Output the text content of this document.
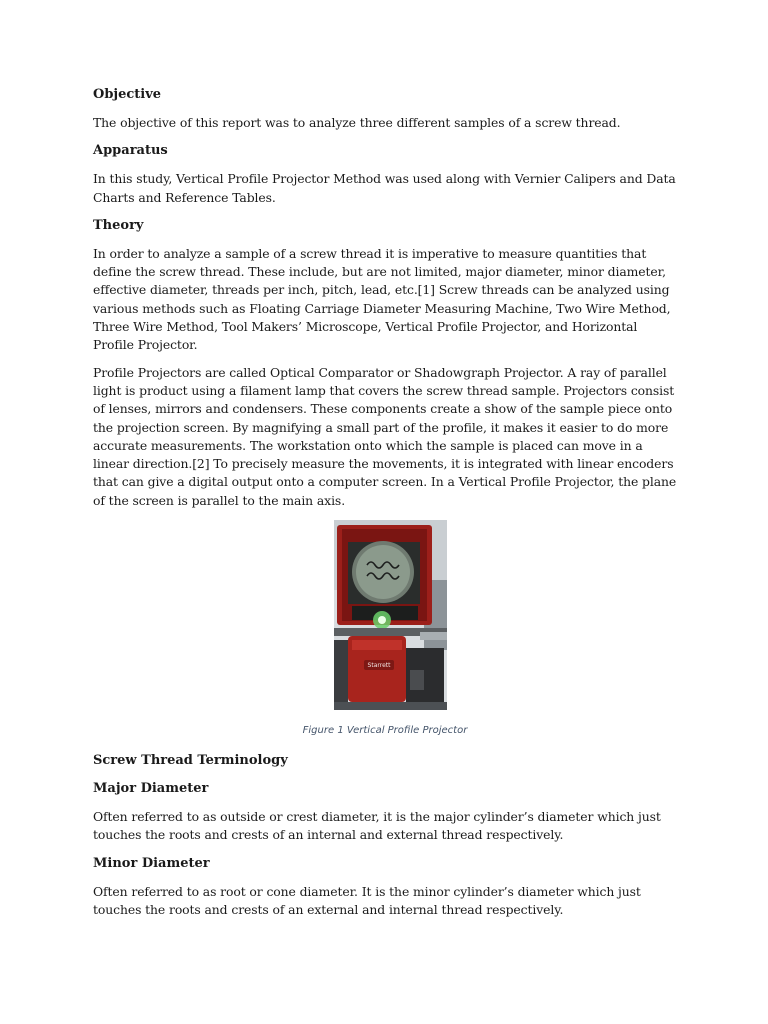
Objective

The objective of this report was to analyze three different samples of a screw thread.

Apparatus

In this study, Vertical Profile Projector Method was used along with Vernier Calipers and Data Charts and Reference Tables.

Theory

In order to analyze a sample of a screw thread it is imperative to measure quantities that define the screw thread. These include, but are not limited, major diameter, minor diameter, effective diameter, threads per inch, pitch, lead, etc.[1] Screw threads can be analyzed using various methods such as Floating Carriage Diameter Measuring Machine, Two Wire Method, Three Wire Method, Tool Makers’ Microscope, Vertical Profile Projector, and Horizontal Profile Projector.

Profile Projectors are called Optical Comparator or Shadowgraph Projector. A ray of parallel light is product using a filament lamp that covers the screw thread sample. Projectors consist of lenses, mirrors and condensers. These components create a show of the sample piece onto the projection screen. By magnifying a small part of the profile, it makes it easier to do more accurate measurements. The workstation onto which the sample is placed can move in a linear direction.[2] To precisely measure the movements, it is integrated with linear encoders that can give a digital output onto a computer screen. In a Vertical Profile Projector, the plane of the screen is parallel to the main axis.

Starrett
Figure 1 Vertical Profile Projector
Screw Thread Terminology
Major Diameter

Often referred to as outside or crest diameter, it is the major cylinder’s diameter which just touches the roots and crests of an internal and external thread respectively.

Minor Diameter

Often referred to as root or cone diameter. It is the minor cylinder’s diameter which just touches the roots and crests of an external and internal thread respectively.
